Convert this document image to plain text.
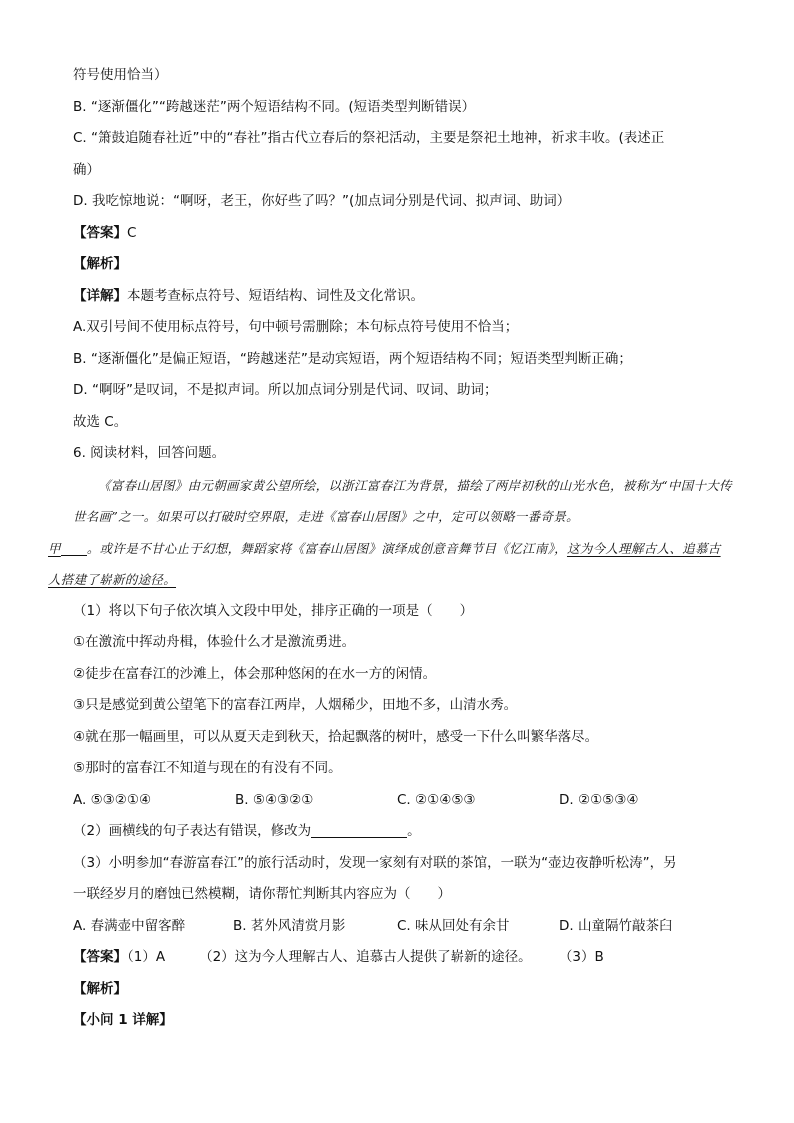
符号使用恰当）
B. “逐渐僵化”“跨越迷茫”两个短语结构不同。(短语类型判断错误）
C. “箫鼓追随春社近”中的“春社”指古代立春后的祭祀活动，主要是祭祀土地神，祈求丰收。(表述正
确）
D. 我吃惊地说：“啊呀，老王，你好些了吗？”(加点词分别是代词、拟声词、助词）
【答案】C
【解析】
【详解】本题考查标点符号、短语结构、词性及文化常识。
A.双引号间不使用标点符号，句中顿号需删除；本句标点符号使用不恰当；
B. “逐渐僵化”是偏正短语，“跨越迷茫”是动宾短语，两个短语结构不同；短语类型判断正确；
D. “啊呀”是叹词，不是拟声词。所以加点词分别是代词、叹词、助词；
故选 C。
6. 阅读材料，回答问题。
《富春山居图》由元朝画家黄公望所绘，以浙江富春江为背景，描绘了两岸初秋的山光水色，被称为“中国十大传世名画”之一。如果可以打破时空界限，走进《富春山居图》之中，定可以领略一番奇景。
甲 。或许是不甘心止于幻想，舞蹈家将《富春山居图》演绎成创意音舞节目《忆江南》，这为今人理解古人、追慕古人搭建了崭新的途径。
（1）将以下句子依次填入文段中甲处，排序正确的一项是（　　）
①在激流中挥动舟楫，体验什么才是激流勇进。
②徒步在富春江的沙滩上，体会那种悠闲的在水一方的闲情。
③只是感觉到黄公望笔下的富春江两岸，人烟稀少，田地不多，山清水秀。
④就在那一幅画里，可以从夏天走到秋天，拾起飘落的树叶，感受一下什么叫繁华落尽。
⑤那时的富春江不知道与现在的有没有不同。
A. ⑤③②①④	B. ⑤④③②①	C. ②①④⑤③	D. ②①⑤③④
（2）画横线的句子表达有错误，修改为	。
（3）小明参加“春游富春江”的旅行活动时，发现一家刻有对联的茶馆，一联为“壶边夜静听松涛”，另
一联经岁月的磨蚀已然模糊，请你帮忙判断其内容应为（　　）
A. 春满壶中留客醉	B. 茗外风清赏月影	C. 味从回处有余甘	D. 山童隔竹敲茶臼
【答案】（1）A	（2）这为今人理解古人、追慕古人提供了崭新的途径。	（3）B
【解析】
【小问 1 详解】
